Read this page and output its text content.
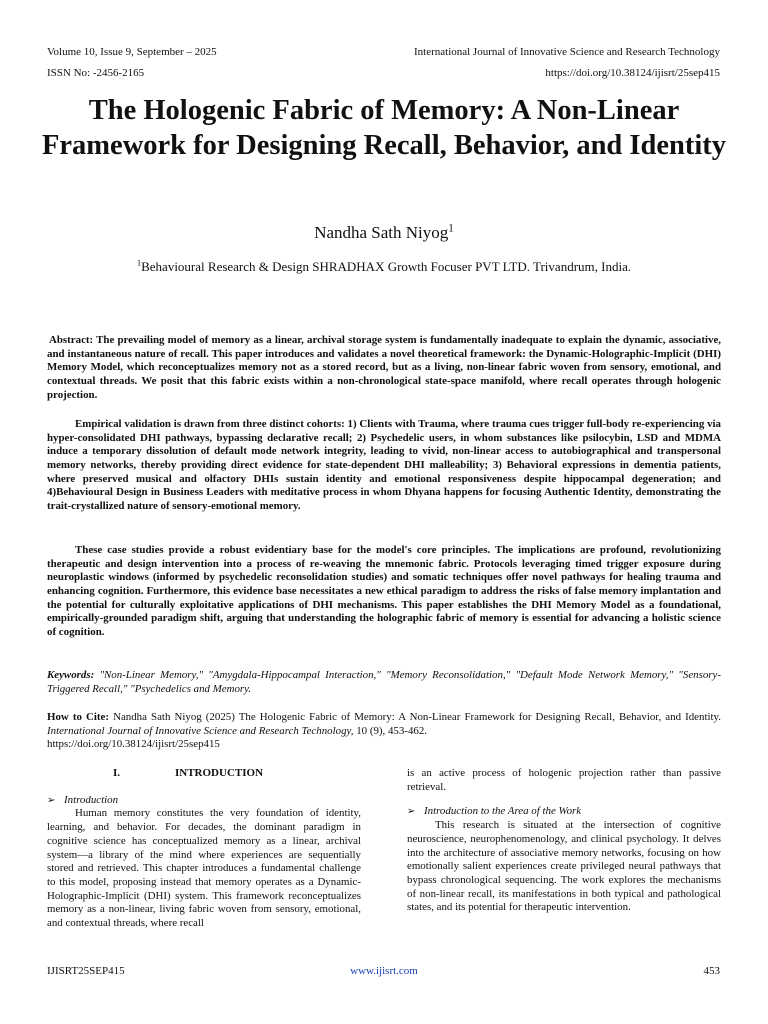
Volume 10, Issue 9, September – 2025	International Journal of Innovative Science and Research Technology
ISSN No: -2456-2165	https://doi.org/10.38124/ijisrt/25sep415
The Hologenic Fabric of Memory: A Non-Linear Framework for Designing Recall, Behavior, and Identity
Nandha Sath Niyog$^1$
$^1$Behavioural Research & Design SHRADHAX Growth Focuser PVT LTD. Trivandrum, India.
Abstract: The prevailing model of memory as a linear, archival storage system is fundamentally inadequate to explain the dynamic, associative, and instantaneous nature of recall. This paper introduces and validates a novel theoretical framework: the Dynamic-Holographic-Implicit (DHI) Memory Model, which reconceptualizes memory not as a stored record, but as a living, non-linear fabric woven from sensory, emotional, and contextual threads. We posit that this fabric exists within a non-chronological state-space manifold, where recall operates through hologenic projection.
Empirical validation is drawn from three distinct cohorts: 1) Clients with Trauma, where trauma cues trigger full-body re-experiencing via hyper-consolidated DHI pathways, bypassing declarative recall; 2) Psychedelic users, in whom substances like psilocybin, LSD and MDMA induce a temporary dissolution of default mode network integrity, leading to vivid, non-linear access to autobiographical and transpersonal memory networks, thereby providing direct evidence for state-dependent DHI malleability; 3) Behavioral expressions in dementia patients, where preserved musical and olfactory DHIs sustain identity and emotional responsiveness despite hippocampal degeneration; and 4)Behavioural Design in Business Leaders with meditative process in whom Dhyana happens for focusing Authentic Identity, demonstrating the trait-crystallized nature of sensory-emotional memory.
These case studies provide a robust evidentiary base for the model's core principles. The implications are profound, revolutionizing therapeutic and design intervention into a process of re-weaving the mnemonic fabric. Protocols leveraging timed trigger exposure during neuroplastic windows (informed by psychedelic reconsolidation studies) and somatic techniques offer novel pathways for healing trauma and enhancing cognition. Furthermore, this evidence base necessitates a new ethical paradigm to address the risks of false memory implantation and the potential for culturally exploitative applications of DHI mechanisms. This paper establishes the DHI Memory Model as a foundational, empirically-grounded paradigm shift, arguing that understanding the holographic fabric of memory is essential for advancing a holistic science of cognition.
Keywords: "Non-Linear Memory," "Amygdala-Hippocampal Interaction," "Memory Reconsolidation," "Default Mode Network Memory," "Sensory-Triggered Recall," "Psychedelics and Memory.
How to Cite: Nandha Sath Niyog (2025) The Hologenic Fabric of Memory: A Non-Linear Framework for Designing Recall, Behavior, and Identity. International Journal of Innovative Science and Research Technology, 10 (9), 453-462.
https://doi.org/10.38124/ijisrt/25sep415
I.	INTRODUCTION
➢ Introduction

Human memory constitutes the very foundation of identity, learning, and behavior. For decades, the dominant paradigm in cognitive science has conceptualized memory as a linear, archival system—a library of the mind where experiences are sequentially stored and retrieved. This chapter introduces a fundamental challenge to this model, proposing instead that memory operates as a Dynamic-Holographic-Implicit (DHI) system. This framework reconceptualizes memory as a non-linear, living fabric woven from sensory, emotional, and contextual threads, where recall

is an active process of hologenic projection rather than passive retrieval.

➢ Introduction to the Area of the Work

This research is situated at the intersection of cognitive neuroscience, neurophenomenology, and clinical psychology. It delves into the architecture of associative memory networks, focusing on how emotionally salient experiences create privileged neural pathways that bypass chronological sequencing. The work explores the mechanisms of non-linear recall, its manifestations in both typical and pathological states, and its potential for therapeutic intervention.

IJISRT25SEP415	www.ijisrt.com	453
